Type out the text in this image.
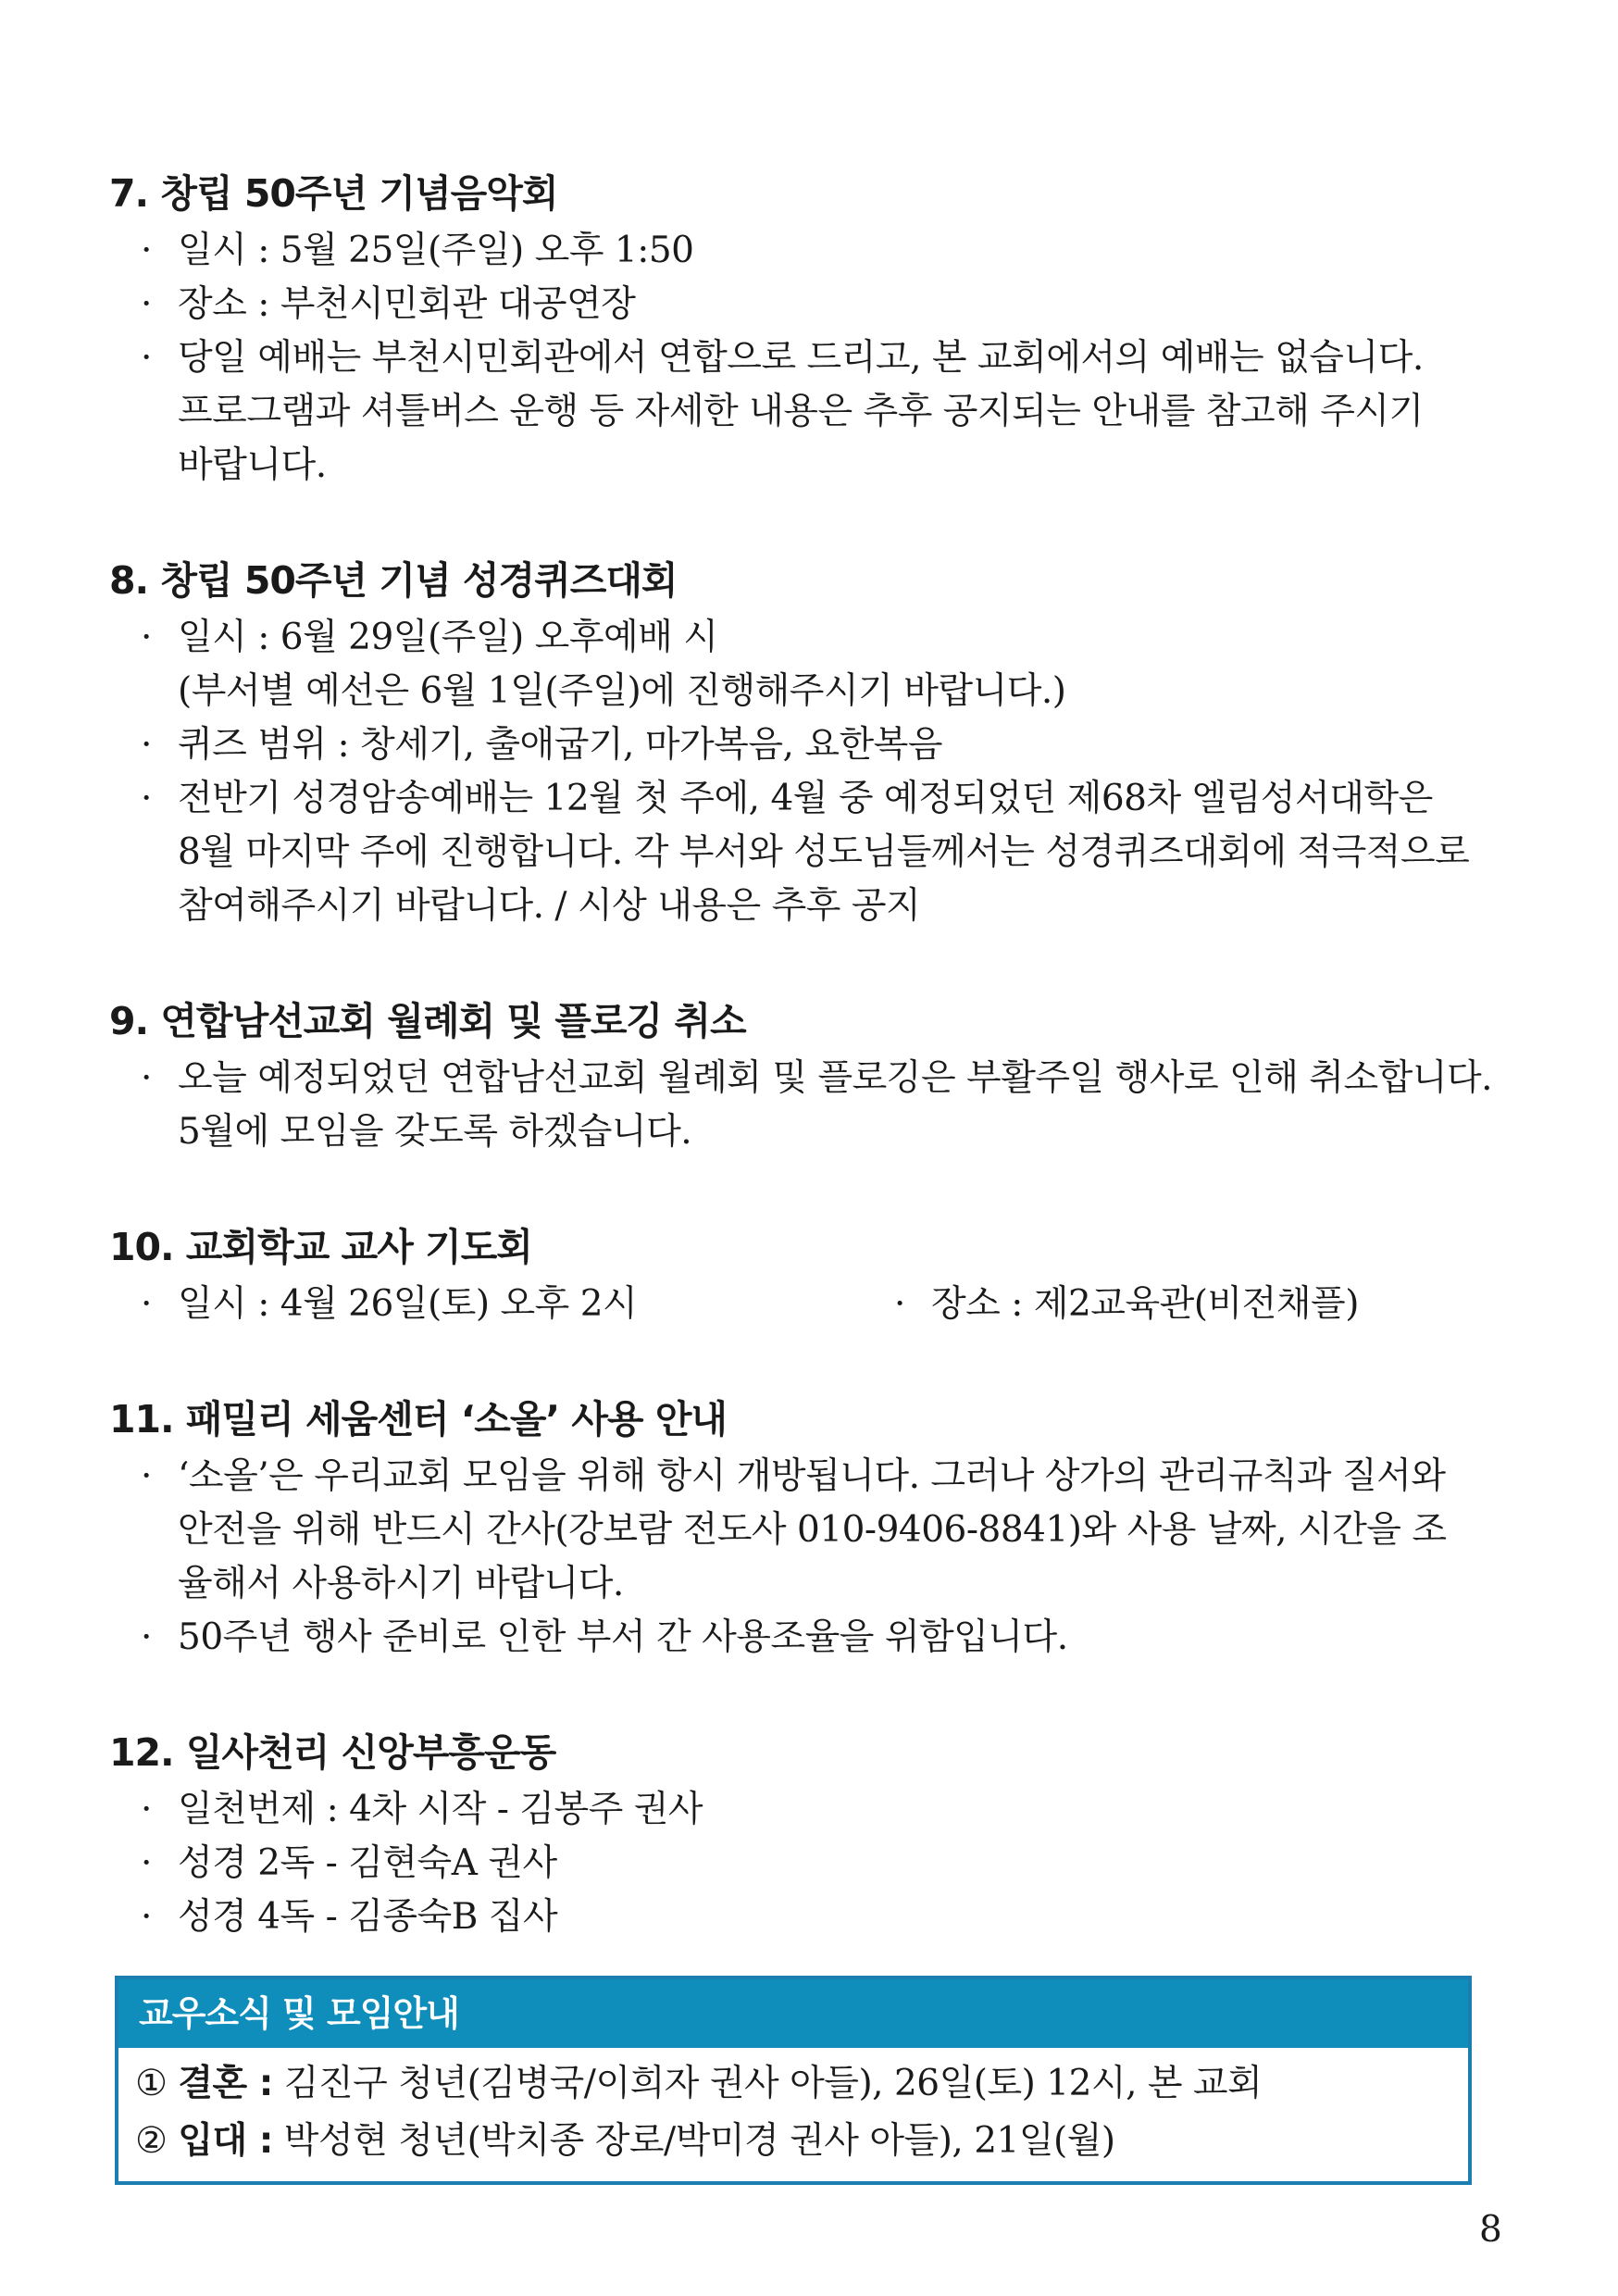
7. 창립 50주년 기념음악회
· 일시 : 5월 25일(주일) 오후 1:50
· 장소 : 부천시민회관 대공연장
· 당일 예배는 부천시민회관에서 연합으로 드리고, 본 교회에서의 예배는 없습니다.
프로그램과 셔틀버스 운행 등 자세한 내용은 추후 공지되는 안내를 참고해 주시기
바랍니다.
8. 창립 50주년 기념 성경퀴즈대회
· 일시 : 6월 29일(주일) 오후예배 시
(부서별 예선은 6월 1일(주일)에 진행해주시기 바랍니다.)
· 퀴즈 범위 : 창세기, 출애굽기, 마가복음, 요한복음
· 전반기 성경암송예배는 12월 첫 주에, 4월 중 예정되었던 제68차 엘림성서대학은
8월 마지막 주에 진행합니다. 각 부서와 성도님들께서는 성경퀴즈대회에 적극적으로
참여해주시기 바랍니다. / 시상 내용은 추후 공지
9. 연합남선교회 월례회 및 플로깅 취소
· 오늘 예정되었던 연합남선교회 월례회 및 플로깅은 부활주일 행사로 인해 취소합니다.
5월에 모임을 갖도록 하겠습니다.
10. 교회학교 교사 기도회
· 일시 : 4월 26일(토) 오후 2시	· 장소 : 제2교육관(비전채플)
11. 패밀리 세움센터 ‘소올’ 사용 안내
· ‘소올’은 우리교회 모임을 위해 항시 개방됩니다. 그러나 상가의 관리규칙과 질서와
안전을 위해 반드시 간사(강보람 전도사 010-9406-8841)와 사용 날짜, 시간을 조
율해서 사용하시기 바랍니다.
· 50주년 행사 준비로 인한 부서 간 사용조율을 위함입니다.
12. 일사천리 신앙부흥운동
· 일천번제 : 4차 시작 - 김봉주 권사
· 성경 2독 - 김현숙A 권사
· 성경 4독 - 김종숙B 집사
교우소식 및 모임안내
① 결혼 : 김진구 청년(김병국/이희자 권사 아들), 26일(토) 12시, 본 교회
② 입대 : 박성현 청년(박치종 장로/박미경 권사 아들), 21일(월)
8
